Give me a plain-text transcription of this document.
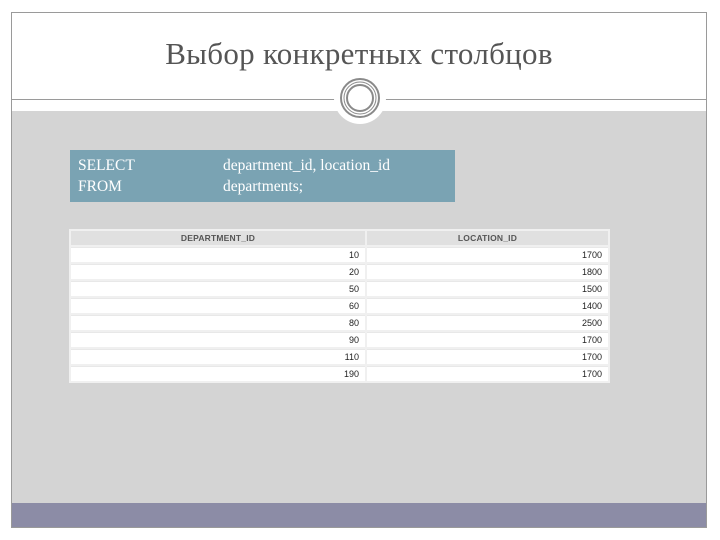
Выбор конкретных столбцов
SELECT	department_id, location_id
FROM	departments;
DEPARTMENT_ID	LOCATION_ID
10	1700
20	1800
50	1500
60	1400
80	2500
90	1700
110	1700
190	1700
